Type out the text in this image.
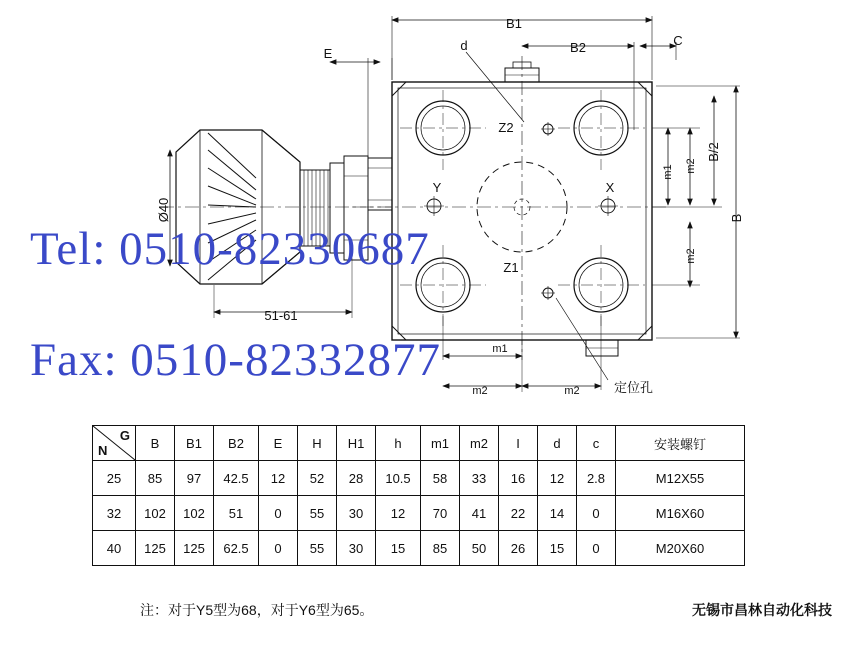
B1
B2	C
E
d
B
B/2
m1 m2
m2
m1
m2	m2
Ø40
51-61
Z2
Z1
X
Y
定位孔
Tel: 0510-82330687
Fax: 0510-82332877
N
G	B	B1	B2	E	H	H1	h	m1	m2	I	d	c	安装螺钉
25	85	97	42.5	12	52	28	10.5	58	33	16	12	2.8	M12X55
32	102	102	51	0	55	30	12	70	41	22	14	0	M16X60
40	125	125	62.5	0	55	30	15	85	50	26	15	0	M20X60
注：对于Y5型为68，对于Y6型为65。	无锡市昌林自动化科技
